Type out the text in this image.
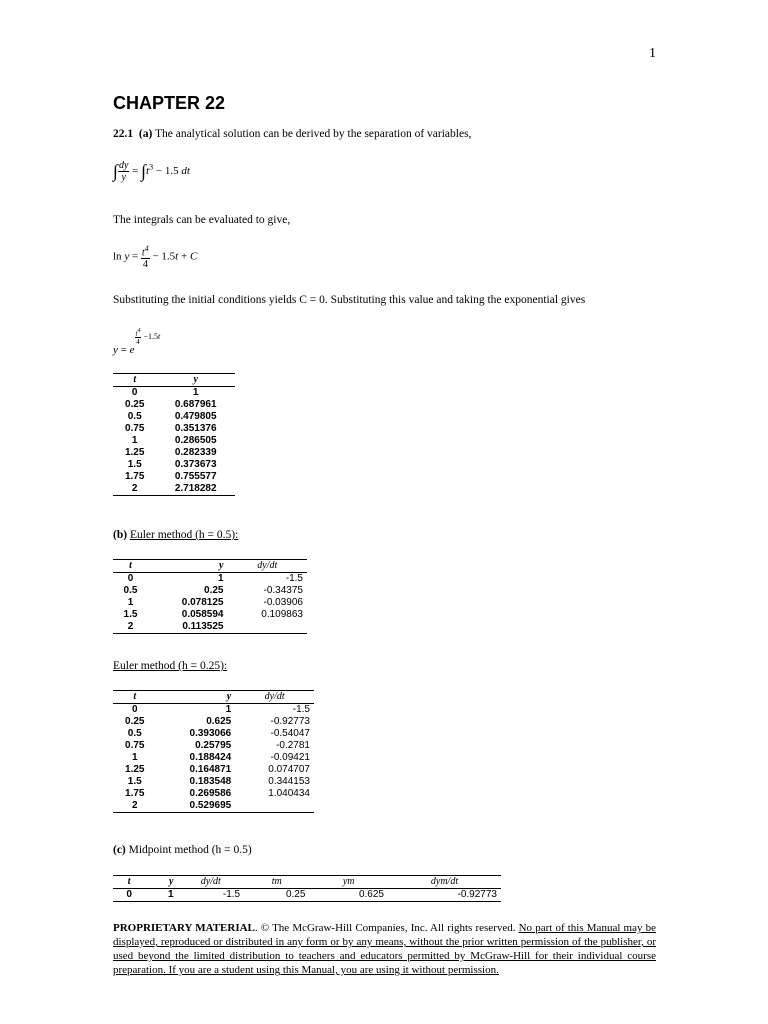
1
CHAPTER 22
22.1 (a) The analytical solution can be derived by the separation of variables,
∫ $\frac{dy}{y} = \int t^3 - 1.5$ dt
The integrals can be evaluated to give,
$\ln y = \frac{t^4}{4} - 1.5t + C$
Substituting the initial conditions yields C = 0. Substituting this value and taking the exponential gives
y = e
$\frac{t4}{4} -1.5t$
t	y
0	1
0.25	0.687961
0.5	0.479805
0.75	0.351376
1	0.286505
1.25	0.282339
1.5	0.373673
1.75	0.755577
2	2.718282
(b) Euler method (h = 0.5):
t	y	dy/dt
0	1	-1.5
0.5	0.25	-0.34375
1	0.078125	-0.03906
1.5	0.058594	0.109863
2	0.113525	
Euler method (h = 0.25):
t	y	dy/dt
0	1	-1.5
0.25	0.625	-0.92773
0.5	0.393066	-0.54047
0.75	0.25795	-0.2781
1	0.188424	-0.09421
1.25	0.164871	0.074707
1.5	0.183548	0.344153
1.75	0.269586	1.040434
2	0.529695	
(c) Midpoint method (h = 0.5)
t	y	dy/dt	tm	ym	dym/dt
0	1	-1.5	0.25	0.625	-0.92773
PROPRIETARY MATERIAL. © The McGraw-Hill Companies, Inc. All rights reserved. No part of this Manual may be displayed, reproduced or distributed in any form or by any means, without the prior written permission of the publisher, or used beyond the limited distribution to teachers and educators permitted by McGraw-Hill for their individual course preparation. If you are a student using this Manual, you are using it without permission.
